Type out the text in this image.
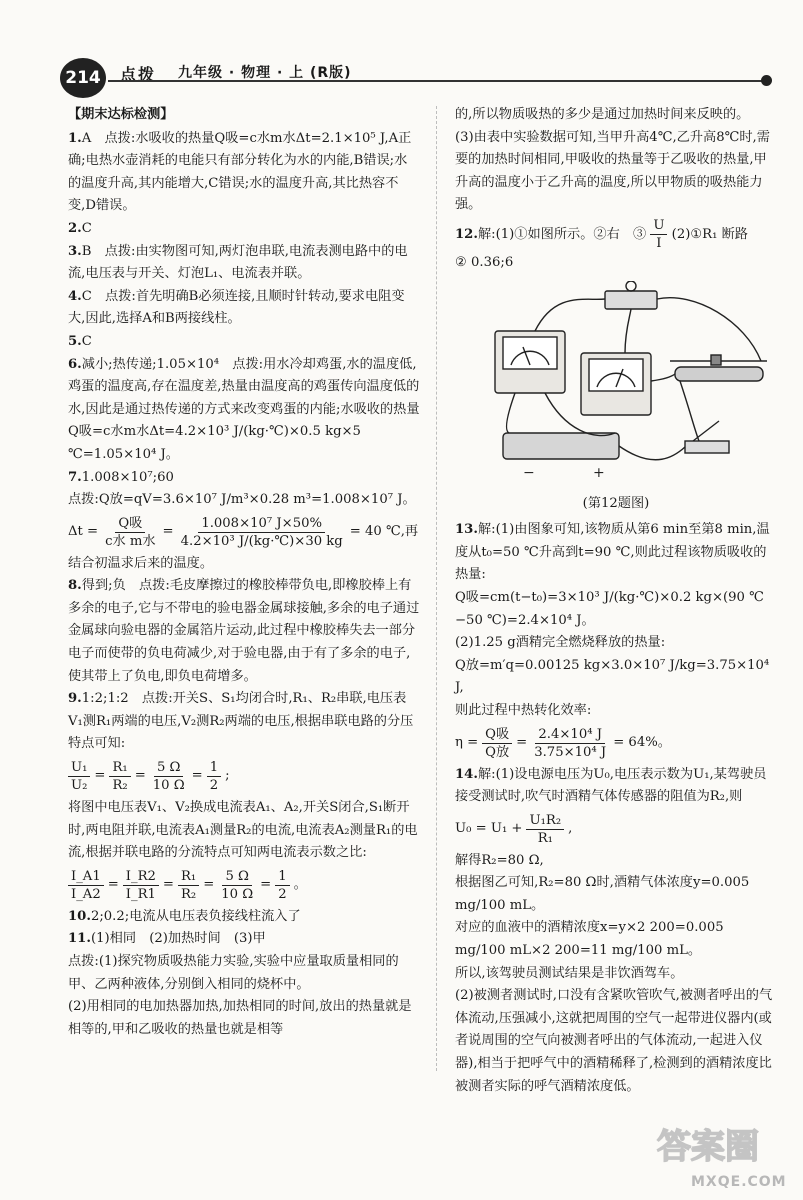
214	点拨 九年级 · 物理 · 上 (R版)
【期末达标检测】
1.A　点拨:水吸收的热量Q吸=c水m水Δt=2.1×10⁵ J,A正确;电热水壶消耗的电能只有部分转化为水的内能,B错误;水的温度升高,其内能增大,C错误;水的温度升高,其比热容不变,D错误。
2.C
3.B　点拨:由实物图可知,两灯泡串联,电流表测电路中的电流,电压表与开关、灯泡L₁、电流表并联。
4.C　点拨:首先明确B必须连接,且顺时针转动,要求电阻变大,因此,选择A和B两接线柱。
5.C
6.减小;热传递;1.05×10⁴　点拨:用水冷却鸡蛋,水的温度低,鸡蛋的温度高,存在温度差,热量由温度高的鸡蛋传向温度低的水,因此是通过热传递的方式来改变鸡蛋的内能;水吸收的热量Q吸=c水m水Δt=4.2×10³ J/(kg·℃)×0.5 kg×5 ℃=1.05×10⁴ J。
7.1.008×10⁷;60
点拨:Q放=qV=3.6×10⁷ J/m³×0.28 m³=1.008×10⁷ J。
$\Delta t = \frac{\text{Q吸}}{\text{c水 m水}} = \frac{\text{1.008×10⁷ J×50\%}}{\text{4.2×10³ J/(kg·℃)×30 kg}} = 40$ ℃,再
结合初温求后来的温度。
8.得到;负　点拨:毛皮摩擦过的橡胶棒带负电,即橡胶棒上有多余的电子,它与不带电的验电器金属球接触,多余的电子通过金属球向验电器的金属箔片运动,此过程中橡胶棒失去一部分电子而使带的负电荷减少,对于验电器,由于有了多余的电子,使其带上了负电,即负电荷增多。
9.1:2;1:2　点拨:开关S、S₁均闭合时,R₁、R₂串联,电压表V₁测R₁两端的电压,V₂测R₂两端的电压,根据串联电路的分压特点可知:
$\frac{\text{U₁}}{\text{U₂}} = \frac{\text{R₁}}{\text{R₂}} = \frac{5 \Omega}{10 \Omega} = \frac{1}{2}$ ;
将图中电压表V₁、V₂换成电流表A₁、A₂,开关S闭合,S₁断开时,两电阻并联,电流表A₁测量R₂的电流,电流表A₂测量R₁的电流,根据并联电路的分流特点可知两电流表示数之比:
$\frac{I\_A1}{I\_A2} = \frac{I\_R2}{I\_R1} = \frac{\text{R₁}}{\text{R₂}} = \frac{5 \Omega}{10 \Omega} = \frac{1}{2}$ 。
10.2;0.2;电流从电压表负接线柱流入了
11.(1)相同　(2)加热时间　(3)甲
点拨:(1)探究物质吸热能力实验,实验中应量取质量相同的甲、乙两种液体,分别倒入相同的烧杯中。
(2)用相同的电加热器加热,加热相同的时间,放出的热量就是相等的,甲和乙吸收的热量也就是相等
的,所以物质吸热的多少是通过加热时间来反映的。
(3)由表中实验数据可知,当甲升高4℃,乙升高8℃时,需要的加热时间相同,甲吸收的热量等于乙吸收的热量,甲升高的温度小于乙升高的温度,所以甲物质的吸热能力强。
12.解:(1)①如图所示。②右　③ $\frac{U}{I}$ (2)①R₁ 断路
② 0.36;6
−	+
(第12题图)
13.解:(1)由图象可知,该物质从第6 min至第8 min,温度从t₀=50 ℃升高到t=90 ℃,则此过程该物质吸收的热量:
Q吸=cm(t−t₀)=3×10³ J/(kg·℃)×0.2 kg×(90 ℃−50 ℃)=2.4×10⁴ J。
(2)1.25 g酒精完全燃烧释放的热量:
Q放=m′q=0.00125 kg×3.0×10⁷ J/kg=3.75×10⁴ J,
则此过程中热转化效率:
$\eta = \frac{\text{Q吸}}{\text{Q放}} = \frac{\text{2.4×10⁴ J}}{\text{3.75×10⁴ J}} = 64\%$。
14.解:(1)设电源电压为U₀,电压表示数为U₁,某驾驶员接受测试时,吹气时酒精气体传感器的阻值为R₂,则
$U_0 = U_1 + \frac{\text{U₁R₂}}{\text{R₁}}$ ,
解得R₂=80 Ω,
根据图乙可知,R₂=80 Ω时,酒精气体浓度y=0.005 mg/100 mL。
对应的血液中的酒精浓度x=y×2 200=0.005 mg/100 mL×2 200=11 mg/100 mL。
所以,该驾驶员测试结果是非饮酒驾车。
(2)被测者测试时,口没有含紧吹管吹气,被测者呼出的气体流动,压强减小,这就把周围的空气一起带进仪器内(或者说周围的空气向被测者呼出的气体流动,一起进入仪器),相当于把呼气中的酒精稀释了,检测到的酒精浓度比被测者实际的呼气酒精浓度低。
答案圈
MXQE.COM
